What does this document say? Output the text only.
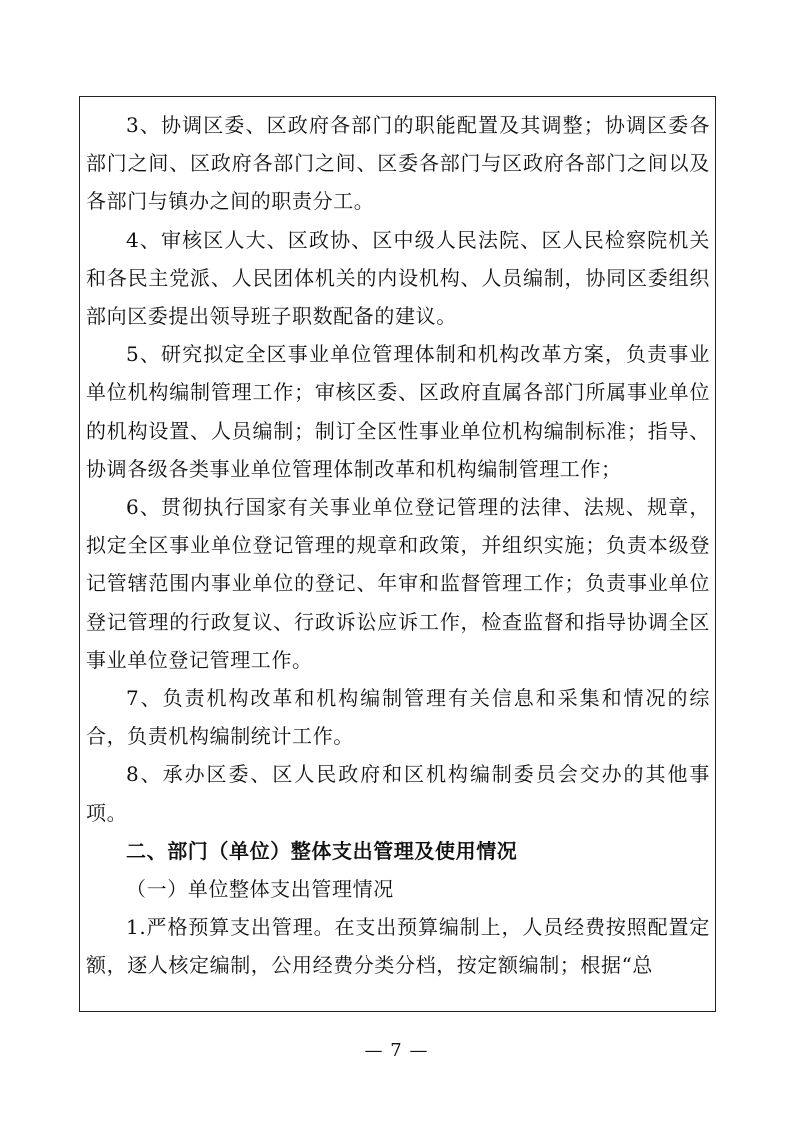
3、协调区委、区政府各部门的职能配置及其调整；协调区委各部门之间、区政府各部门之间、区委各部门与区政府各部门之间以及各部门与镇办之间的职责分工。

4、审核区人大、区政协、区中级人民法院、区人民检察院机关和各民主党派、人民团体机关的内设机构、人员编制，协同区委组织部向区委提出领导班子职数配备的建议。

5、研究拟定全区事业单位管理体制和机构改革方案，负责事业单位机构编制管理工作；审核区委、区政府直属各部门所属事业单位的机构设置、人员编制；制订全区性事业单位机构编制标准；指导、协调各级各类事业单位管理体制改革和机构编制管理工作；

6、贯彻执行国家有关事业单位登记管理的法律、法规、规章，拟定全区事业单位登记管理的规章和政策，并组织实施；负责本级登记管辖范围内事业单位的登记、年审和监督管理工作；负责事业单位登记管理的行政复议、行政诉讼应诉工作，检查监督和指导协调全区事业单位登记管理工作。

7、负责机构改革和机构编制管理有关信息和采集和情况的综合，负责机构编制统计工作。

8、承办区委、区人民政府和区机构编制委员会交办的其他事项。

二、部门（单位）整体支出管理及使用情况

（一）单位整体支出管理情况

1.严格预算支出管理。在支出预算编制上，人员经费按照配置定额，逐人核定编制，公用经费分类分档，按定额编制；根据“总

— 7 —
